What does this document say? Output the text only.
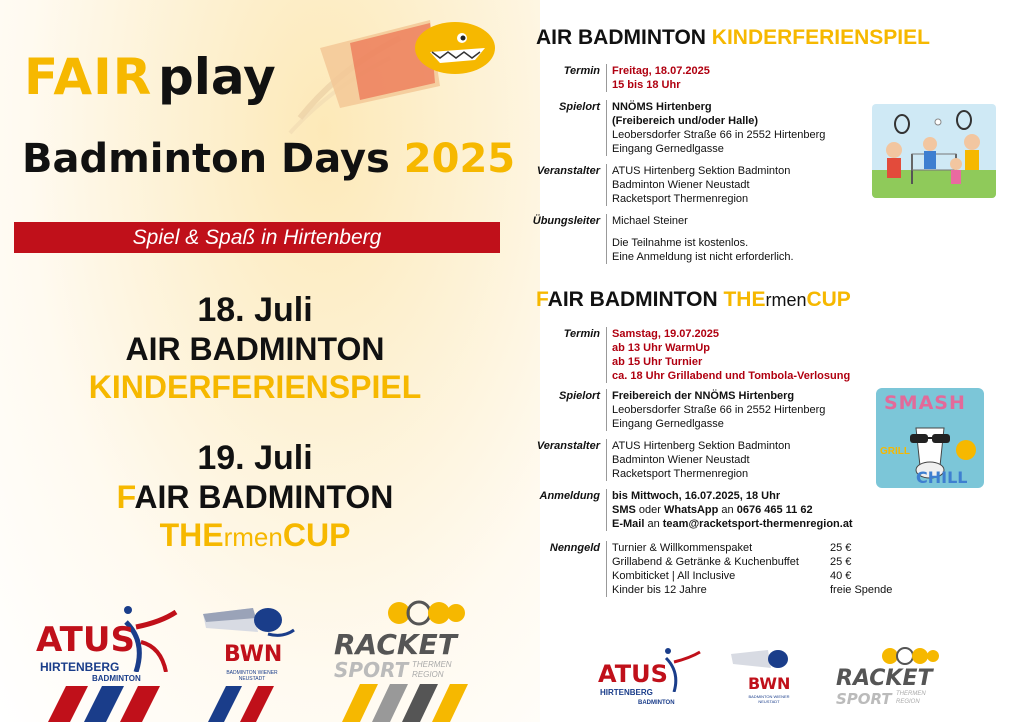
FAIR play
Badminton Days 2025
Spiel & Spaß in Hirtenberg
18. Juli
AIR BADMINTON
KINDERFERIENSPIEL
19. Juli
FAIR BADMINTON
THErmenCUP
ATUS
HIRTENBERG
BADMINTON
BWN
BADMINTON WIENER NEUSTADT
RACKET
SPORT THERMEN
REGION
AIR BADMINTON KINDERFERIENSPIEL
Termin	Freitag, 18.07.2025
15 bis 18 Uhr
Spielort	NNÖMS Hirtenberg
(Freibereich und/oder Halle)
Leobersdorfer Straße 66 in 2552 Hirtenberg
Eingang Gernedlgasse
Veranstalter	ATUS Hirtenberg Sektion Badminton
Badminton Wiener Neustadt
Racketsport Thermenregion
Übungsleiter	Michael Steiner
Die Teilnahme ist kostenlos.
Eine Anmeldung ist nicht erforderlich.
FAIR BADMINTON THErmenCUP
Termin	Samstag, 19.07.2025
ab 13 Uhr WarmUp
ab 15 Uhr Turnier
ca. 18 Uhr Grillabend und Tombola-Verlosung
Spielort	Freibereich der NNÖMS Hirtenberg
Leobersdorfer Straße 66 in 2552 Hirtenberg
Eingang Gernedlgasse
Veranstalter	ATUS Hirtenberg Sektion Badminton
Badminton Wiener Neustadt
Racketsport Thermenregion
Anmeldung	bis Mittwoch, 16.07.2025, 18 Uhr
SMS oder WhatsApp an 0676 465 11 62
E-Mail an team@racketsport-thermenregion.at
Nenngeld	Turnier & Willkommenspaket	25 €
Grillabend & Getränke & Kuchenbuffet	25 €
Kombiticket | All Inclusive	40 €
Kinder bis 12 Jahre	freie Spende
SMASH
GRILL
CHILL
ATUS
HIRTENBERG
BADMINTON
BWN
BADMINTON WIENER NEUSTADT
RACKET
SPORT THERMEN
REGION
